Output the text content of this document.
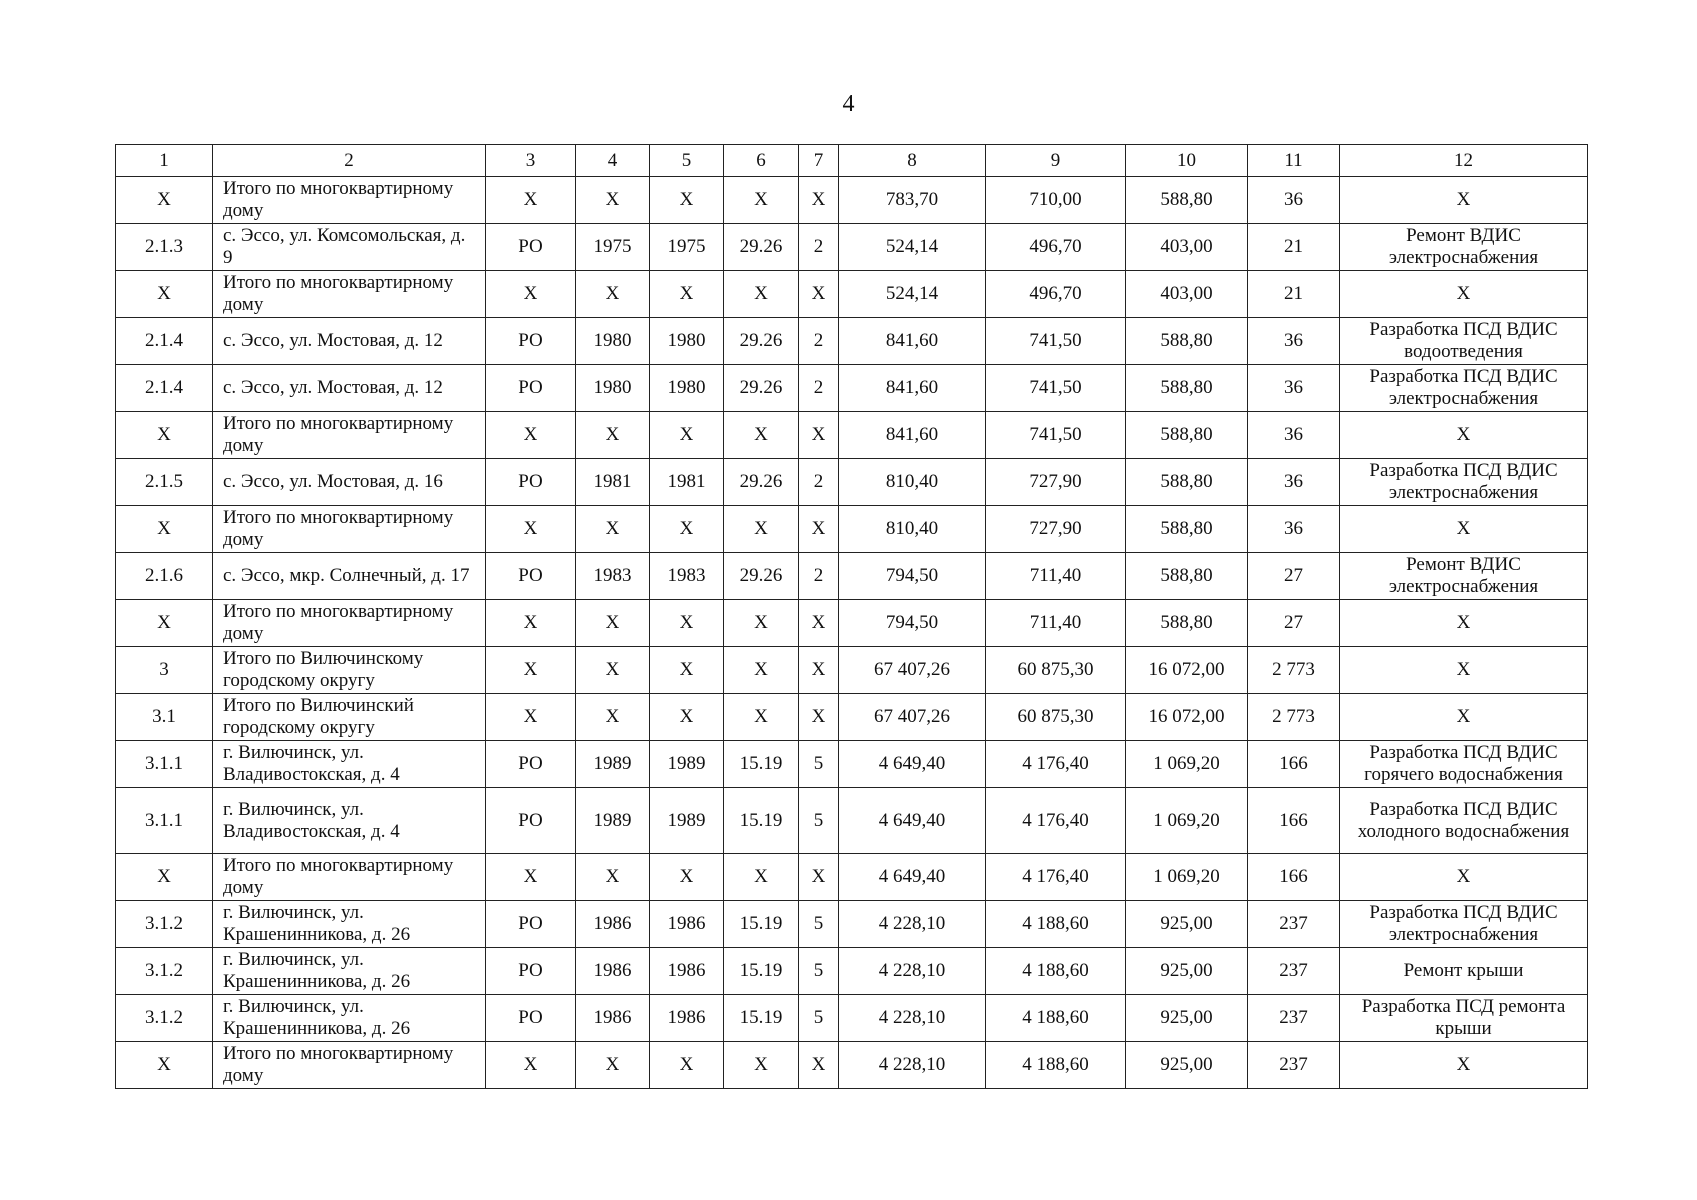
4
1	2	3	4	5	6	7	8	9	10	11	12
X	Итого по многоквартирному дому	X	X	X	X	X	783,70	710,00	588,80	36	X
2.1.3	с. Эссо, ул. Комсомольская, д. 9	РО	1975	1975	29.26	2	524,14	496,70	403,00	21	Ремонт ВДИС электроснабжения
X	Итого по многоквартирному дому	X	X	X	X	X	524,14	496,70	403,00	21	X
2.1.4	с. Эссо, ул. Мостовая, д. 12	РО	1980	1980	29.26	2	841,60	741,50	588,80	36	Разработка ПСД ВДИС водоотведения
2.1.4	с. Эссо, ул. Мостовая, д. 12	РО	1980	1980	29.26	2	841,60	741,50	588,80	36	Разработка ПСД ВДИС электроснабжения
X	Итого по многоквартирному дому	X	X	X	X	X	841,60	741,50	588,80	36	X
2.1.5	с. Эссо, ул. Мостовая, д. 16	РО	1981	1981	29.26	2	810,40	727,90	588,80	36	Разработка ПСД ВДИС электроснабжения
X	Итого по многоквартирному дому	X	X	X	X	X	810,40	727,90	588,80	36	X
2.1.6	с. Эссо, мкр. Солнечный, д. 17	РО	1983	1983	29.26	2	794,50	711,40	588,80	27	Ремонт ВДИС электроснабжения
X	Итого по многоквартирному дому	X	X	X	X	X	794,50	711,40	588,80	27	X
3	Итого по Вилючинскому городскому округу	X	X	X	X	X	67 407,26	60 875,30	16 072,00	2 773	X
3.1	Итого по Вилючинский городскому округу	X	X	X	X	X	67 407,26	60 875,30	16 072,00	2 773	X
3.1.1	г. Вилючинск, ул. Владивостокская, д. 4	РО	1989	1989	15.19	5	4 649,40	4 176,40	1 069,20	166	Разработка ПСД ВДИС горячего водоснабжения
3.1.1	г. Вилючинск, ул. Владивостокская, д. 4	РО	1989	1989	15.19	5	4 649,40	4 176,40	1 069,20	166	Разработка ПСД ВДИС холодного водоснабжения
X	Итого по многоквартирному дому	X	X	X	X	X	4 649,40	4 176,40	1 069,20	166	X
3.1.2	г. Вилючинск, ул. Крашенинникова, д. 26	РО	1986	1986	15.19	5	4 228,10	4 188,60	925,00	237	Разработка ПСД ВДИС электроснабжения
3.1.2	г. Вилючинск, ул. Крашенинникова, д. 26	РО	1986	1986	15.19	5	4 228,10	4 188,60	925,00	237	Ремонт крыши
3.1.2	г. Вилючинск, ул. Крашенинникова, д. 26	РО	1986	1986	15.19	5	4 228,10	4 188,60	925,00	237	Разработка ПСД ремонта крыши
X	Итого по многоквартирному дому	X	X	X	X	X	4 228,10	4 188,60	925,00	237	X
